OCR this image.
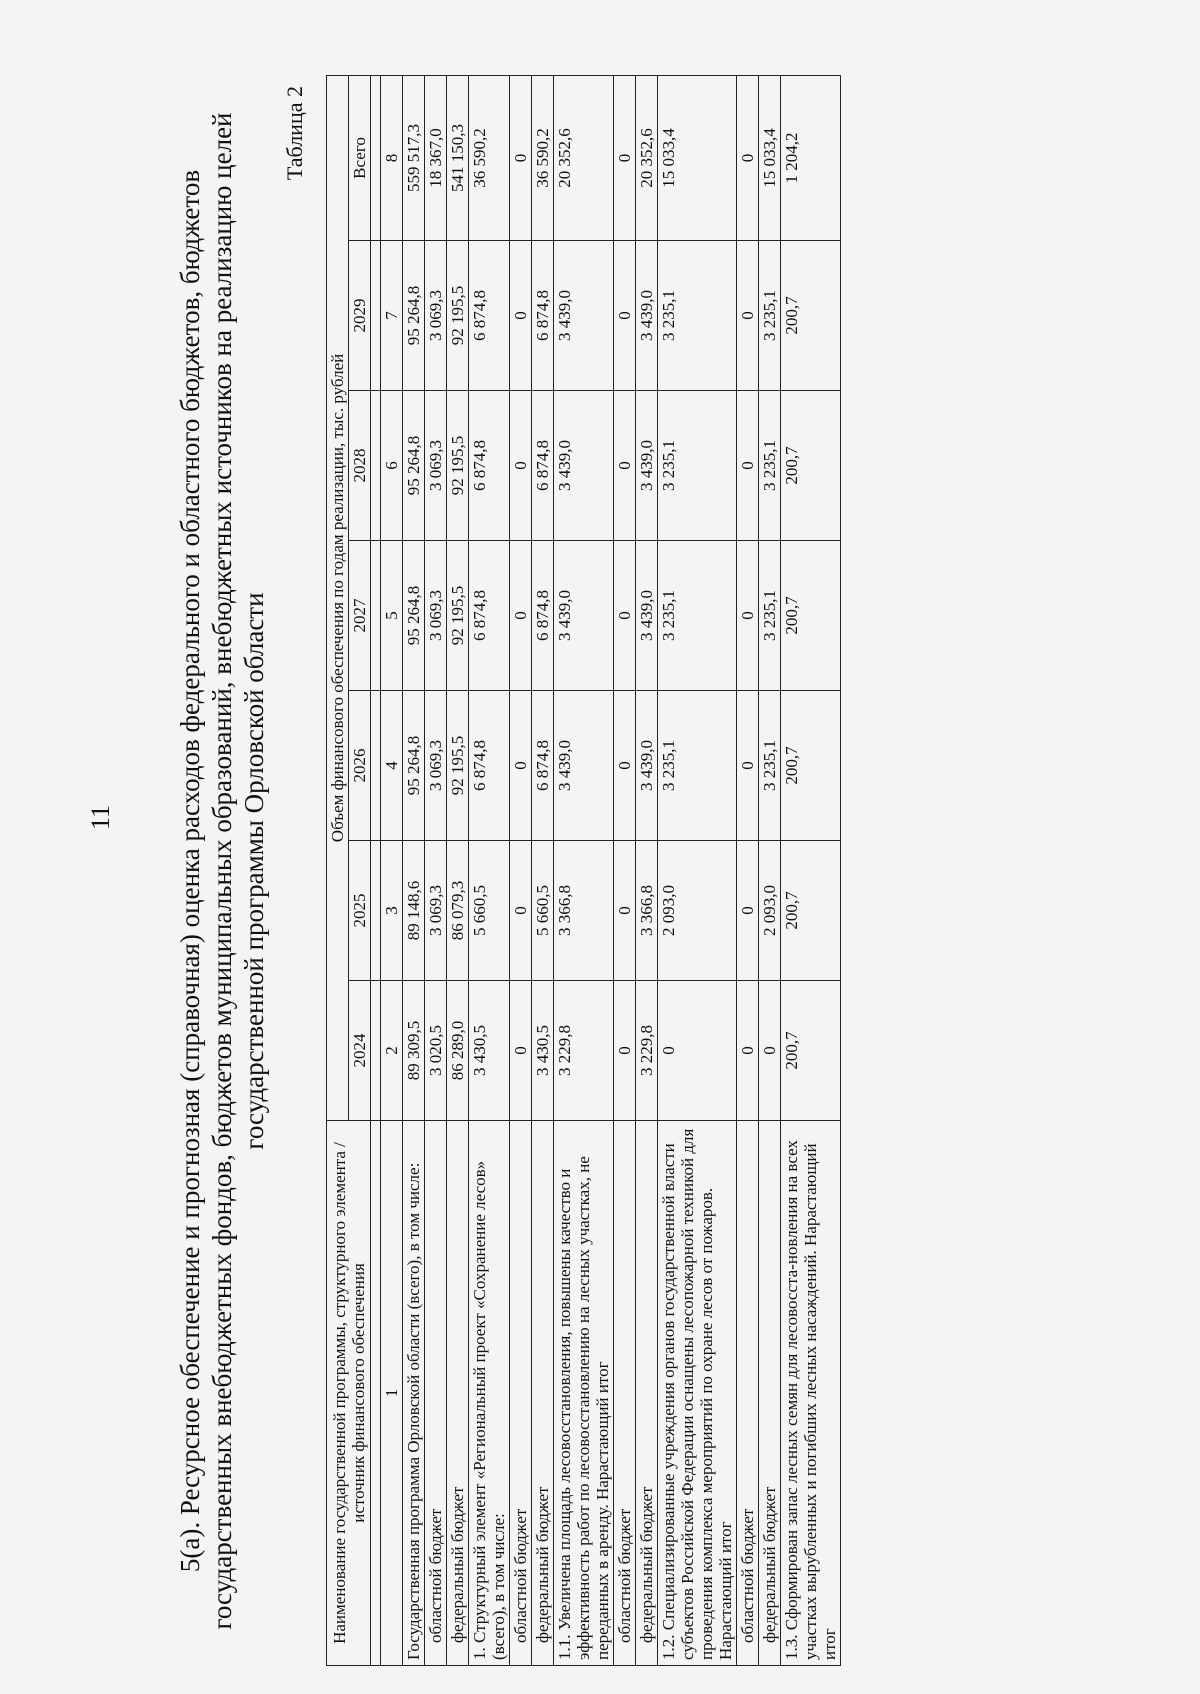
11 5(а). Ресурсное обеспечение и прогнозная (справочная) оценка расходов федерального и областного бюджетов, бюджетов государственных внебюджетных фондов, бюджетов муниципальных образований, внебюджетных источников на реализацию целей государственной программы Орловской области
Таблица 2
Наименование государственной программы, структурного элемента / источник финансового обеспечения	Объем финансового обеспечения по годам реализации, тыс. рублей						
	2024	2025	2026	2027	2028	2029	Всего

1	2	3	4	5	6	7	8
Государственная программа Орловской области (всего), в том числе:	89 309,5	89 148,6	95 264,8	95 264,8	95 264,8	95 264,8	559 517,3
областной бюджет	3 020,5	3 069,3	3 069,3	3 069,3	3 069,3	3 069,3	18 367,0
федеральный бюджет	86 289,0	86 079,3	92 195,5	92 195,5	92 195,5	92 195,5	541 150,3
1. Структурный элемент «Региональный проект «Сохранение лесов» (всего), в том числе:	3 430,5	5 660,5	6 874,8	6 874,8	6 874,8	6 874,8	36 590,2
областной бюджет	0	0	0	0	0	0	0
федеральный бюджет	3 430,5	5 660,5	6 874,8	6 874,8	6 874,8	6 874,8	36 590,2
1.1. Увеличена площадь лесовосстановления, повышены качество и эффективность работ по лесовосстановлению на лесных участках, не переданных в аренду. Нарастающий итог	3 229,8	3 366,8	3 439,0	3 439,0	3 439,0	3 439,0	20 352,6
областной бюджет	0	0	0	0	0	0	0
федеральный бюджет	3 229,8	3 366,8	3 439,0	3 439,0	3 439,0	3 439,0	20 352,6
1.2. Специализированные учреждения органов государственной власти субъектов Российской Федерации оснащены лесопожарной техникой для проведения комплекса мероприятий по охране лесов от пожаров. Нарастающий итог	0	2 093,0	3 235,1	3 235,1	3 235,1	3 235,1	15 033,4
областной бюджет	0	0	0	0	0	0	0
федеральный бюджет	0	2 093,0	3 235,1	3 235,1	3 235,1	3 235,1	15 033,4
1.3. Сформирован запас лесных семян для лесовосста-новления на всех участках вырубленных и погибших лесных насаждений. Нарастающий итог	200,7	200,7	200,7	200,7	200,7	200,7	1 204,2
